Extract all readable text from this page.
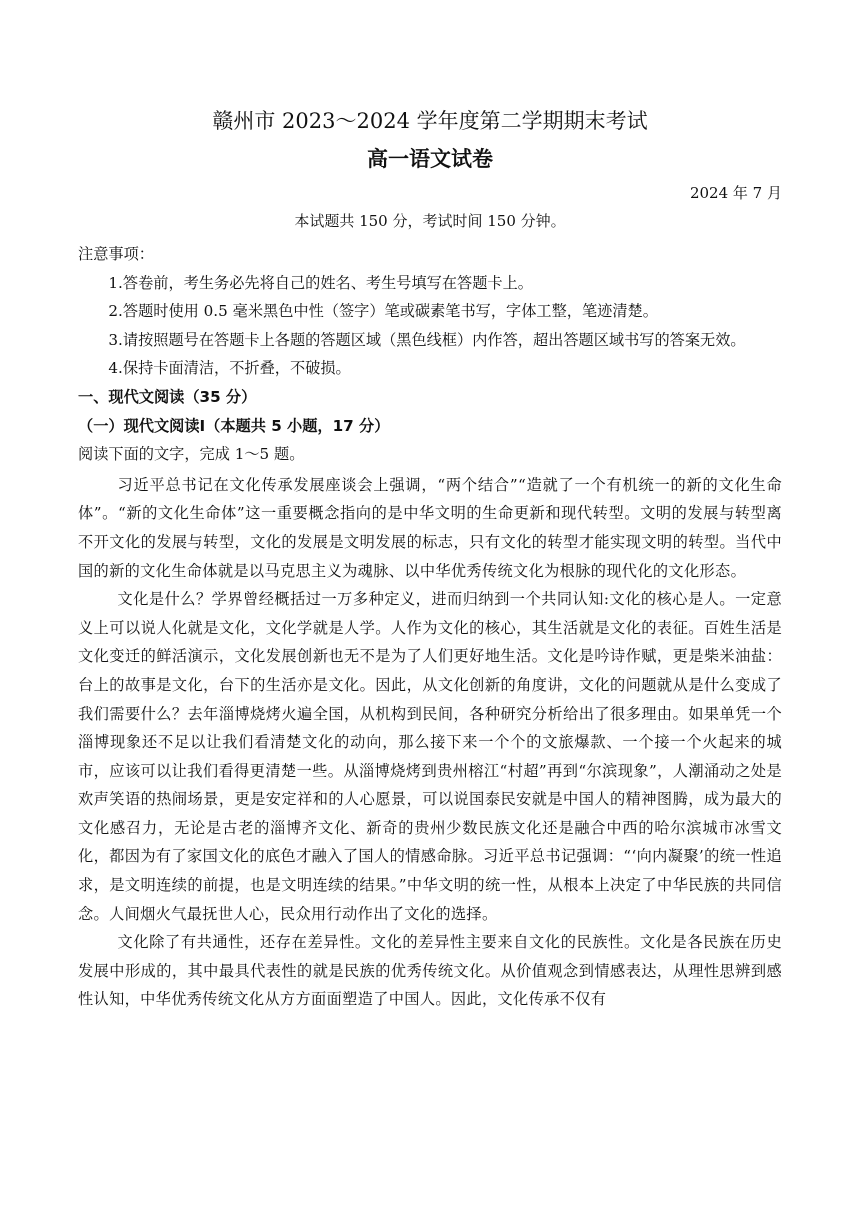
赣州市 2023～2024 学年度第二学期期末考试
高一语文试卷
2024 年 7 月
本试题共 150 分，考试时间 150 分钟。

注意事项：

1.答卷前，考生务必先将自己的姓名、考生号填写在答题卡上。

2.答题时使用 0.5 毫米黑色中性（签字）笔或碳素笔书写，字体工整，笔迹清楚。

3.请按照题号在答题卡上各题的答题区域（黑色线框）内作答，超出答题区域书写的答案无效。

4.保持卡面清洁，不折叠，不破损。

一、现代文阅读（35 分）

（一）现代文阅读Ⅰ（本题共 5 小题，17 分）

阅读下面的文字，完成 1～5 题。

习近平总书记在文化传承发展座谈会上强调，“两个结合”“造就了一个有机统一的新的文化生命体”。“新的文化生命体”这一重要概念指向的是中华文明的生命更新和现代转型。文明的发展与转型离不开文化的发展与转型，文化的发展是文明发展的标志，只有文化的转型才能实现文明的转型。当代中国的新的文化生命体就是以马克思主义为魂脉、以中华优秀传统文化为根脉的现代化的文化形态。

文化是什么？学界曾经概括过一万多种定义，进而归纳到一个共同认知:文化的核心是人。一定意义上可以说人化就是文化，文化学就是人学。人作为文化的核心，其生活就是文化的表征。百姓生活是文化变迁的鲜活演示，文化发展创新也无不是为了人们更好地生活。文化是吟诗作赋，更是柴米油盐：台上的故事是文化，台下的生活亦是文化。因此，从文化创新的角度讲，文化的问题就从是什么变成了我们需要什么？去年淄博烧烤火遍全国，从机构到民间，各种研究分析给出了很多理由。如果单凭一个淄博现象还不足以让我们看清楚文化的动向，那么接下来一个个的文旅爆款、一个接一个火起来的城市，应该可以让我们看得更清楚一些。从淄博烧烤到贵州榕江“村超”再到“尔滨现象”，人潮涌动之处是欢声笑语的热闹场景，更是安定祥和的人心愿景，可以说国泰民安就是中国人的精神图腾，成为最大的文化感召力，无论是古老的淄博齐文化、新奇的贵州少数民族文化还是融合中西的哈尔滨城市冰雪文化，都因为有了家国文化的底色才融入了国人的情感命脉。习近平总书记强调：“‘向内凝聚’的统一性追求，是文明连续的前提，也是文明连续的结果。”中华文明的统一性，从根本上决定了中华民族的共同信念。人间烟火气最抚世人心，民众用行动作出了文化的选择。

文化除了有共通性，还存在差异性。文化的差异性主要来自文化的民族性。文化是各民族在历史发展中形成的，其中最具代表性的就是民族的优秀传统文化。从价值观念到情感表达，从理性思辨到感性认知，中华优秀传统文化从方方面面塑造了中国人。因此，文化传承不仅有
